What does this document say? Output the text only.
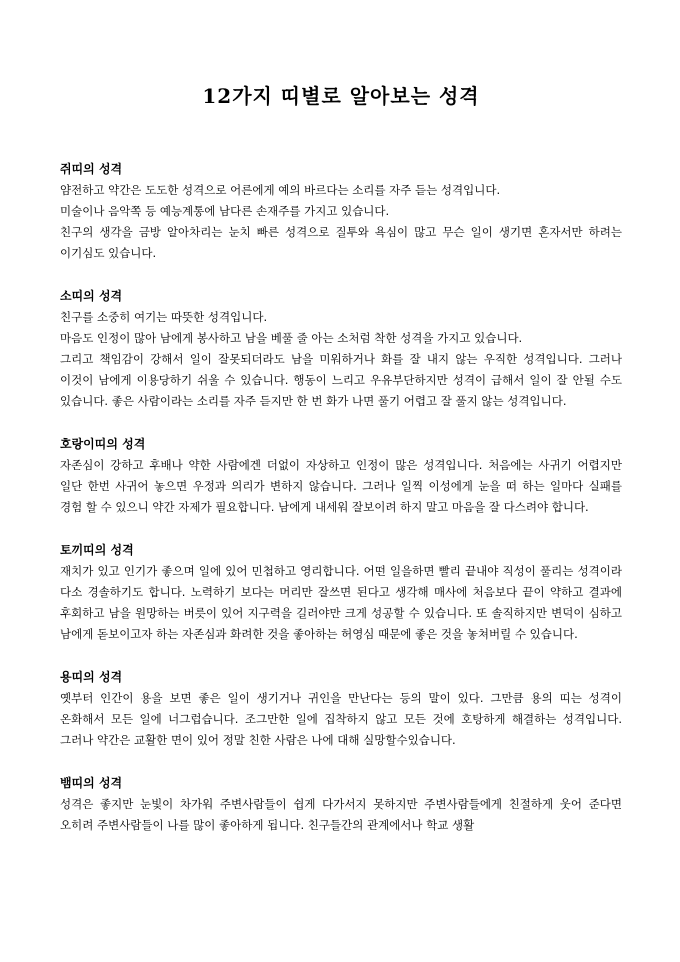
12가지 띠별로 알아보는 성격

쥐띠의 성격

얌전하고 약간은 도도한 성격으로 어른에게 예의 바르다는 소리를 자주 듣는 성격입니다.

미술이나 음악쪽 등 예능계통에 남다른 손재주를 가지고 있습니다.

친구의 생각을 금방 알아차리는 눈치 빠른 성격으로 질투와 욕심이 많고 무슨 일이 생기면 혼자서만 하려는 이기심도 있습니다.

소띠의 성격

친구를 소중히 여기는 따뜻한 성격입니다.

마음도 인정이 많아 남에게 봉사하고 남을 베풀 줄 아는 소처럼 착한 성격을 가지고 있습니다.

그리고 책임감이 강해서 일이 잘못되더라도 남을 미워하거나 화를 잘 내지 않는 우직한 성격입니다. 그러나 이것이 남에게 이용당하기 쉬울 수 있습니다. 행동이 느리고 우유부단하지만 성격이 급해서 일이 잘 안될 수도 있습니다. 좋은 사람이라는 소리를 자주 듣지만 한 번 화가 나면 풀기 어렵고 잘 풀지 않는 성격입니다.

호랑이띠의 성격

자존심이 강하고 후배나 약한 사람에겐 더없이 자상하고 인정이 많은 성격입니다. 처음에는 사귀기 어렵지만 일단 한번 사귀어 놓으면 우정과 의리가 변하지 않습니다. 그러나 일찍 이성에게 눈을 떠 하는 일마다 실패를 경험 할 수 있으니 약간 자제가 필요합니다. 남에게 내세워 잘보이려 하지 말고 마음을 잘 다스려야 합니다.

토끼띠의 성격

재치가 있고 인기가 좋으며 일에 있어 민첩하고 영리합니다. 어떤 일을하면 빨리 끝내야 직성이 풀리는 성격이라 다소 경솔하기도 합니다. 노력하기 보다는 머리만 잘쓰면 된다고 생각해 매사에 처음보다 끝이 약하고 결과에 후회하고 남을 원망하는 버릇이 있어 지구력을 길러야만 크게 성공할 수 있습니다. 또 솔직하지만 변덕이 심하고 남에게 돋보이고자 하는 자존심과 화려한 것을 좋아하는 허영심 때문에 좋은 것을 놓쳐버릴 수 있습니다.

용띠의 성격

옛부터 인간이 용을 보면 좋은 일이 생기거나 귀인을 만난다는 등의 말이 있다. 그만큼 용의 띠는 성격이 온화해서 모든 일에 너그럽습니다. 조그만한 일에 집착하지 않고 모든 것에 호탕하게 해결하는 성격입니다. 그러나 약간은 교활한 면이 있어 정말 친한 사람은 나에 대해 실망할수있습니다.

뱀띠의 성격

성격은 좋지만 눈빛이 차가워 주변사람들이 쉽게 다가서지 못하지만 주변사람들에게 친절하게 웃어 준다면 오히려 주변사람들이 나를 많이 좋아하게 됩니다. 친구들간의 관계에서나 학교 생활
